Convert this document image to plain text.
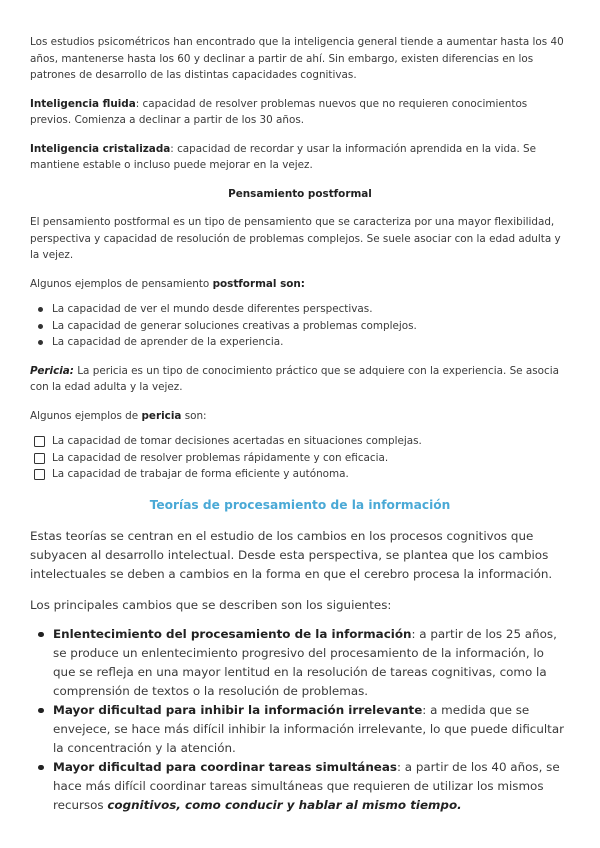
Los estudios psicométricos han encontrado que la inteligencia general tiende a aumentar hasta los 40 años, mantenerse hasta los 60 y declinar a partir de ahí. Sin embargo, existen diferencias en los patrones de desarrollo de las distintas capacidades cognitivas.

Inteligencia fluida: capacidad de resolver problemas nuevos que no requieren conocimientos previos. Comienza a declinar a partir de los 30 años.

Inteligencia cristalizada: capacidad de recordar y usar la información aprendida en la vida. Se mantiene estable o incluso puede mejorar en la vejez.

Pensamiento postformal

El pensamiento postformal es un tipo de pensamiento que se caracteriza por una mayor flexibilidad, perspectiva y capacidad de resolución de problemas complejos. Se suele asociar con la edad adulta y la vejez.

Algunos ejemplos de pensamiento postformal son:

La capacidad de ver el mundo desde diferentes perspectivas.
La capacidad de generar soluciones creativas a problemas complejos.
La capacidad de aprender de la experiencia.

Pericia: La pericia es un tipo de conocimiento práctico que se adquiere con la experiencia. Se asocia con la edad adulta y la vejez.

Algunos ejemplos de pericia son:

La capacidad de tomar decisiones acertadas en situaciones complejas.
La capacidad de resolver problemas rápidamente y con eficacia.
La capacidad de trabajar de forma eficiente y autónoma.

Teorías de procesamiento de la información

Estas teorías se centran en el estudio de los cambios en los procesos cognitivos que subyacen al desarrollo intelectual. Desde esta perspectiva, se plantea que los cambios intelectuales se deben a cambios en la forma en que el cerebro procesa la información.

Los principales cambios que se describen son los siguientes:

Enlentecimiento del procesamiento de la información: a partir de los 25 años, se produce un enlentecimiento progresivo del procesamiento de la información, lo que se refleja en una mayor lentitud en la resolución de tareas cognitivas, como la comprensión de textos o la resolución de problemas.
Mayor dificultad para inhibir la información irrelevante: a medida que se envejece, se hace más difícil inhibir la información irrelevante, lo que puede dificultar la concentración y la atención.
Mayor dificultad para coordinar tareas simultáneas: a partir de los 40 años, se hace más difícil coordinar tareas simultáneas que requieren de utilizar los mismos recursos cognitivos, como conducir y hablar al mismo tiempo.
